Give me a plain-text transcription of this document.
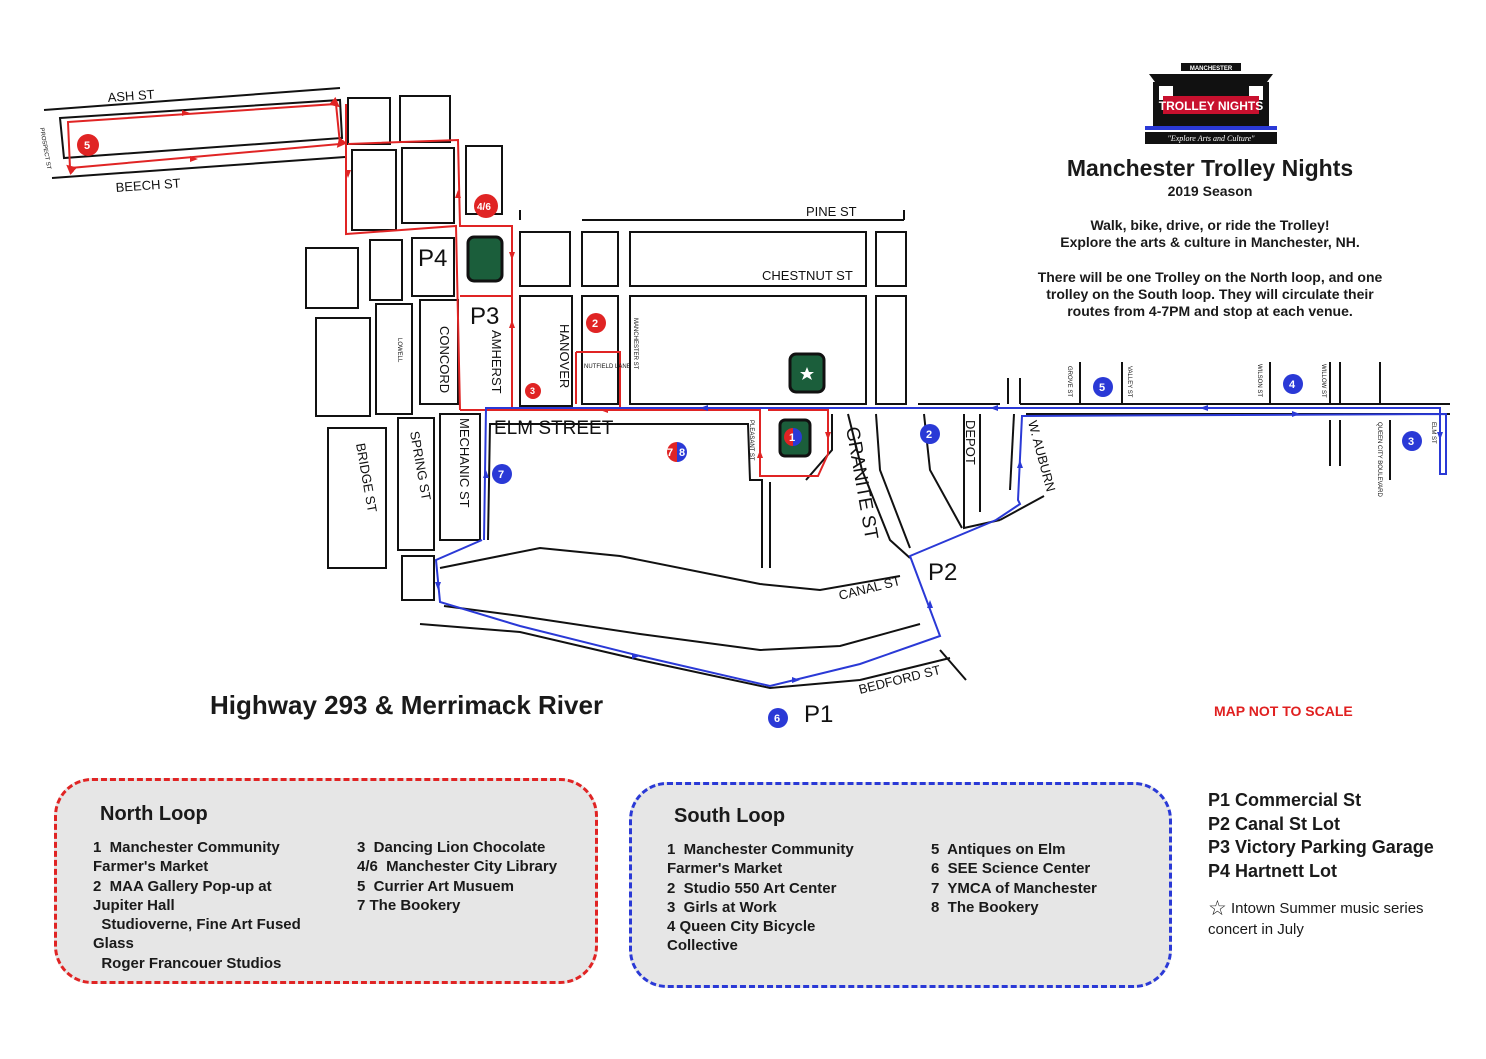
ASH ST
BEECH ST
PROSPECT ST
PINE ST
CHESTNUT ST
ELM STREET
CONCORD
LOWELL	AMHERST	HANOVER	MANCHESTER ST
NUTFIELD LANE
MECHANIC ST
SPRING ST
BRIDGE ST
PLEASANT ST	GRANITE ST	DEPOT	W. AUBURN
CANAL ST
BEDFORD ST
GROVE ST	VALLEY ST	WILSON ST	WILLOW ST
QUEEN CITY BOULEVARD	ELM ST
P4
P3
P2
P1
5
4/6
2
3
1
7 8
7
2
5	4
3
6
MANCHESTER
TROLLEY NIGHTS
"Explore Arts and Culture"
Manchester Trolley Nights
2019 Season

Walk, bike, drive, or ride the Trolley!
Explore the arts & culture in Manchester, NH.

There will be one Trolley on the North loop, and one
trolley on the South loop. They will circulate their
routes from 4-7PM and stop at each venue.

Highway 293 & Merrimack River	MAP NOT TO SCALE
North Loop
1  Manchester Community
Farmer's Market
2  MAA Gallery Pop-up at
Jupiter Hall
Studioverne, Fine Art Fused
Glass
Roger Francouer Studios
3  Dancing Lion Chocolate
4/6  Manchester City Library
5  Currier Art Musuem
7 The Bookery
South Loop
1  Manchester Community
Farmer's Market
2  Studio 550 Art Center
3  Girls at Work
4 Queen City Bicycle
Collective
5  Antiques on Elm
6  SEE Science Center
7  YMCA of Manchester
8  The Bookery
P1 Commercial St
P2 Canal St Lot
P3 Victory Parking Garage
P4 Hartnett Lot
☆ Intown Summer music series
concert in July
